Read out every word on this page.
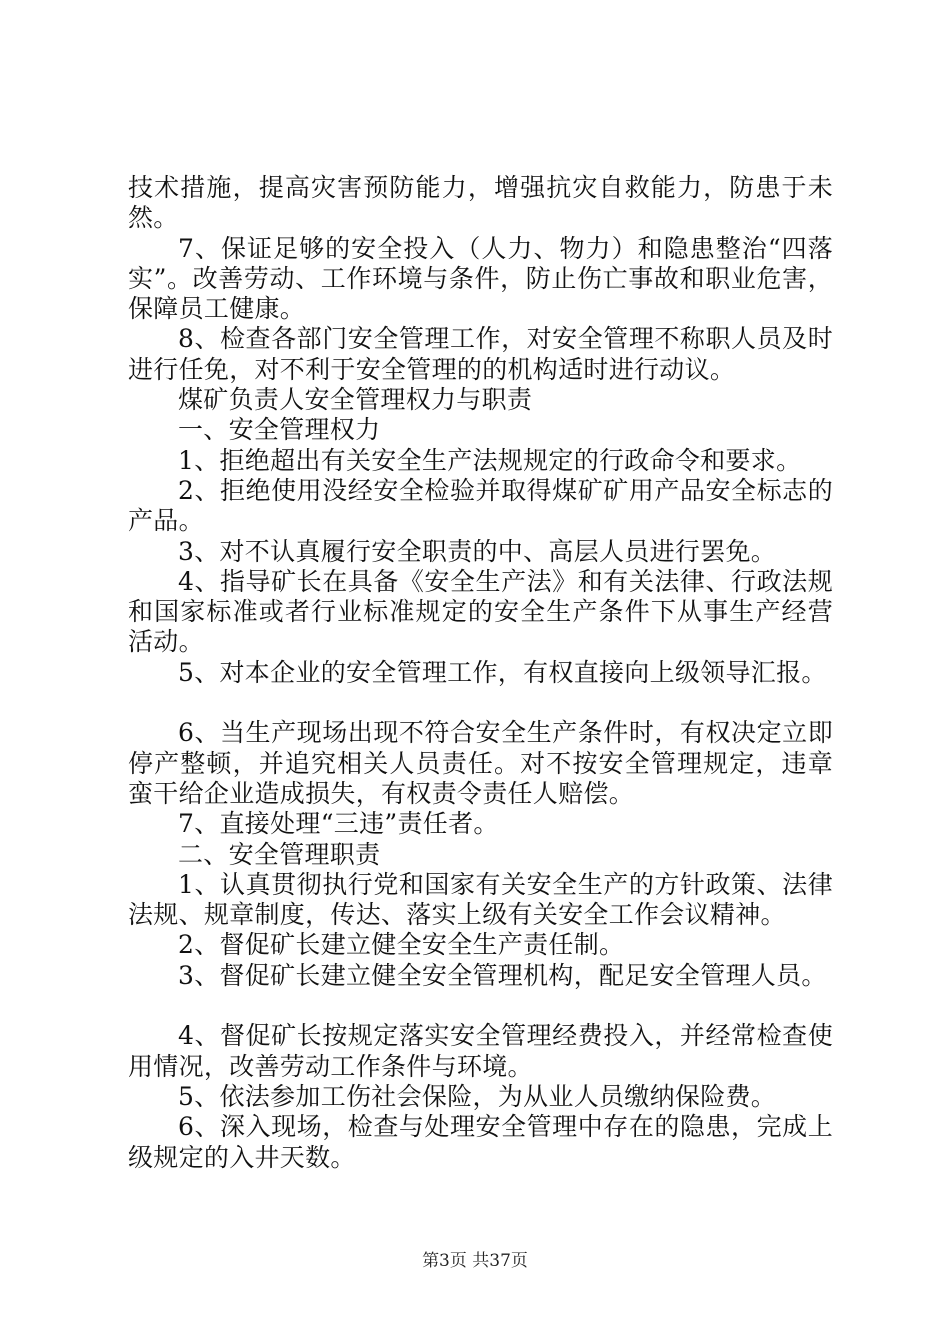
技术措施，提高灾害预防能力，增强抗灾自救能力，防患于未
然。
7、保证足够的安全投入（人力、物力）和隐患整治“四落
实”。改善劳动、工作环境与条件，防止伤亡事故和职业危害，
保障员工健康。
8、检查各部门安全管理工作，对安全管理不称职人员及时
进行任免，对不利于安全管理的的机构适时进行动议。
煤矿负责人安全管理权力与职责
一、安全管理权力
1、拒绝超出有关安全生产法规规定的行政命令和要求。
2、拒绝使用没经安全检验并取得煤矿矿用产品安全标志的
产品。
3、对不认真履行安全职责的中、高层人员进行罢免。
4、指导矿长在具备《安全生产法》和有关法律、行政法规
和国家标准或者行业标准规定的安全生产条件下从事生产经营
活动。
5、对本企业的安全管理工作，有权直接向上级领导汇报。
6、当生产现场出现不符合安全生产条件时，有权决定立即
停产整顿，并追究相关人员责任。对不按安全管理规定，违章
蛮干给企业造成损失，有权责令责任人赔偿。
7、直接处理“三违”责任者。
二、安全管理职责
1、认真贯彻执行党和国家有关安全生产的方针政策、法律
法规、规章制度，传达、落实上级有关安全工作会议精神。
2、督促矿长建立健全安全生产责任制。
3、督促矿长建立健全安全管理机构，配足安全管理人员。
4、督促矿长按规定落实安全管理经费投入，并经常检查使
用情况，改善劳动工作条件与环境。
5、依法参加工伤社会保险，为从业人员缴纳保险费。
6、深入现场，检查与处理安全管理中存在的隐患，完成上
级规定的入井天数。
第3页 共37页
